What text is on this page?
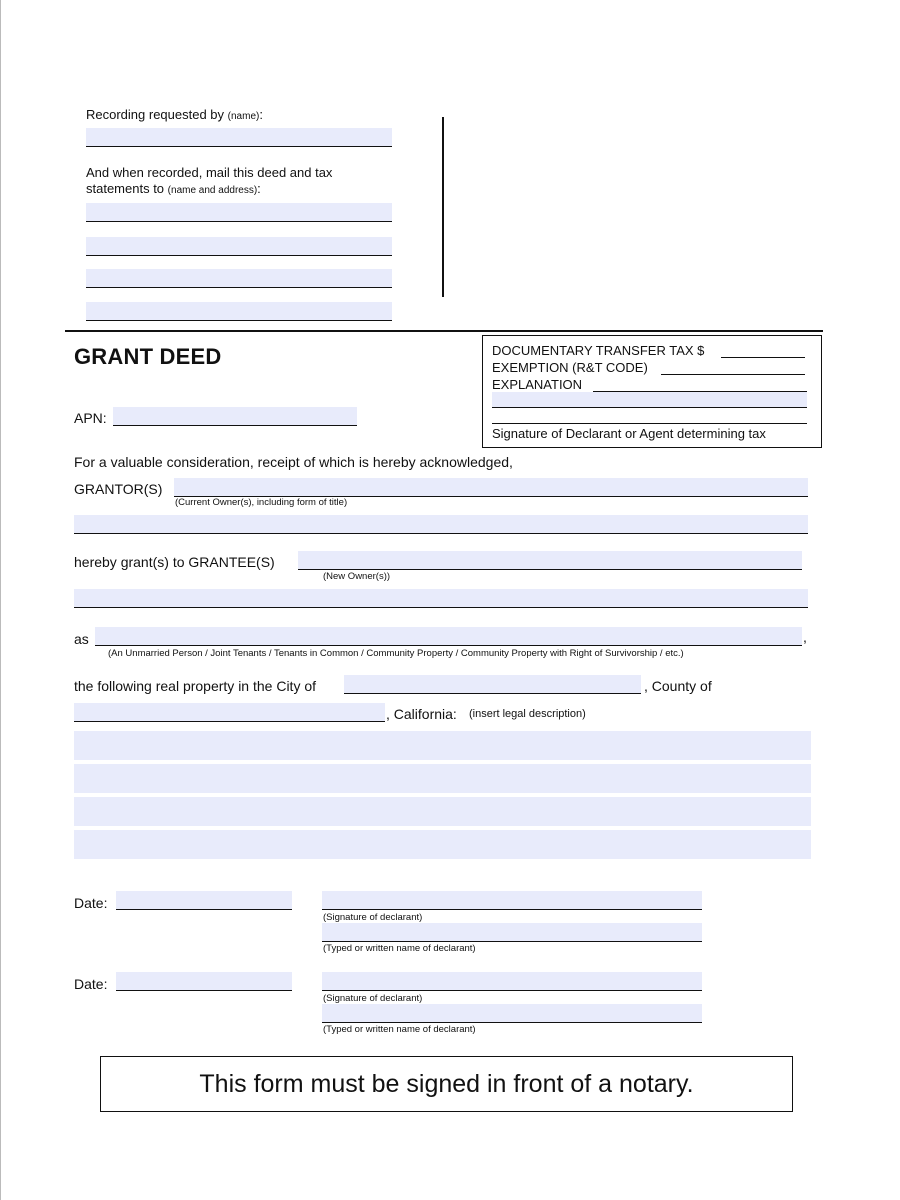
Recording requested by (name):
And when recorded, mail this deed and tax
statements to (name and address):
GRANT DEED	DOCUMENTARY TRANSFER TAX $
EXEMPTION (R&T CODE)
EXPLANATION
Signature of Declarant or Agent determining tax
APN:
For a valuable consideration, receipt of which is hereby acknowledged,
GRANTOR(S)
(Current Owner(s), including form of title)
hereby grant(s) to GRANTEE(S)
(New Owner(s))
as	,
(An Unmarried Person / Joint Tenants / Tenants in Common / Community Property / Community Property with Right of Survivorship / etc.)
the following real property in the City of	, County of
, California: (insert legal description)
Date:
(Signature of declarant)
(Typed or written name of declarant)
Date:
(Signature of declarant)
(Typed or written name of declarant)
This form must be signed in front of a notary.
